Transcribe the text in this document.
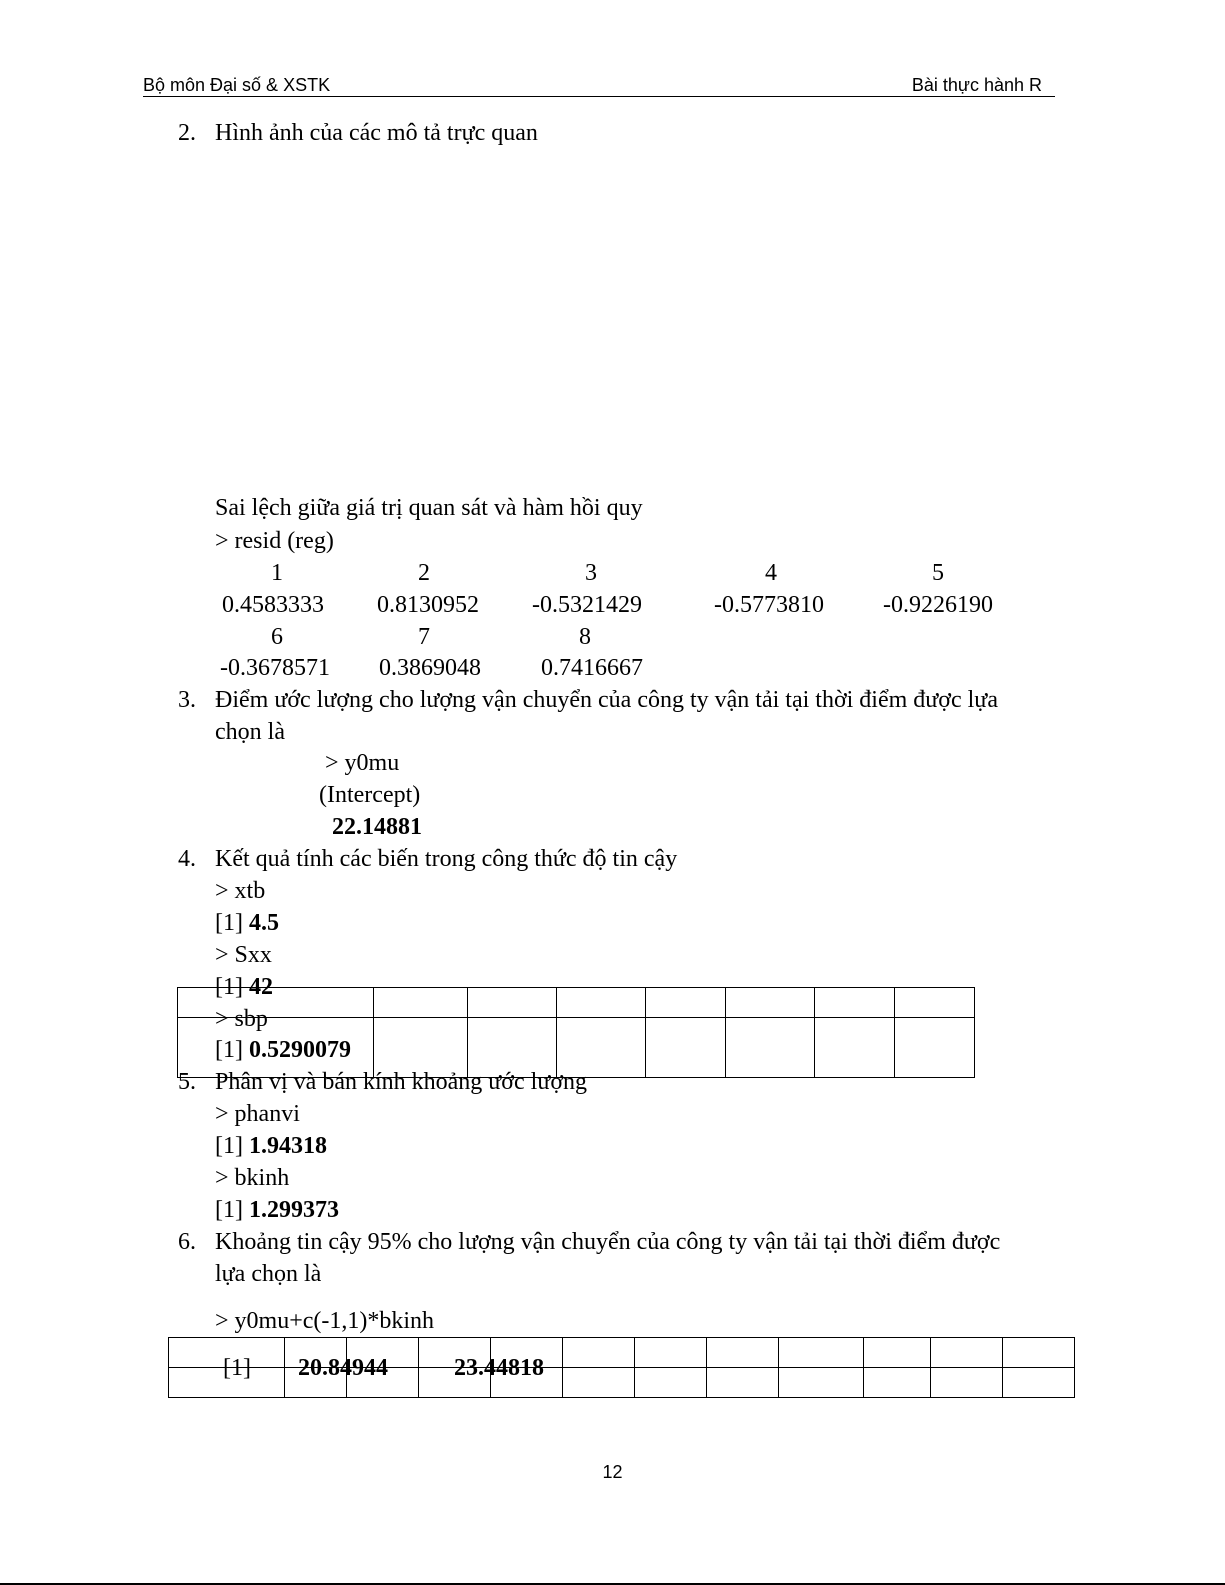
Bộ môn Đại số & XSTK	Bài thực hành R
2. Hình ảnh của các mô tả trực quan
Sai lệch giữa giá trị quan sát và hàm hồi quy
> resid (reg)
1	2	3	4	5
0.4583333 0.8130952 -0.5321429	-0.5773810 -0.9226190
6	7	8
-0.3678571 0.3869048	0.7416667
3. Điểm ước lượng cho lượng vận chuyển của công ty vận tải tại thời điểm được lựa
chọn là
> y0mu
(Intercept)
22.14881
4. Kết quả tính các biến trong công thức độ tin cậy
> xtb
[1] 4.5
> Sxx

[1] 42
> sbp
[1] 0.5290079
5. Phân vị và bán kính khoảng ước lượng
> phanvi
[1] 1.94318
> bkinh
[1] 1.299373
6. Khoảng tin cậy 95% cho lượng vận chuyển của công ty vận tải tại thời điểm được
lựa chọn là

> y0mu+c(-1,1)*bkinh
[1] 20.84944	23.44818
12
